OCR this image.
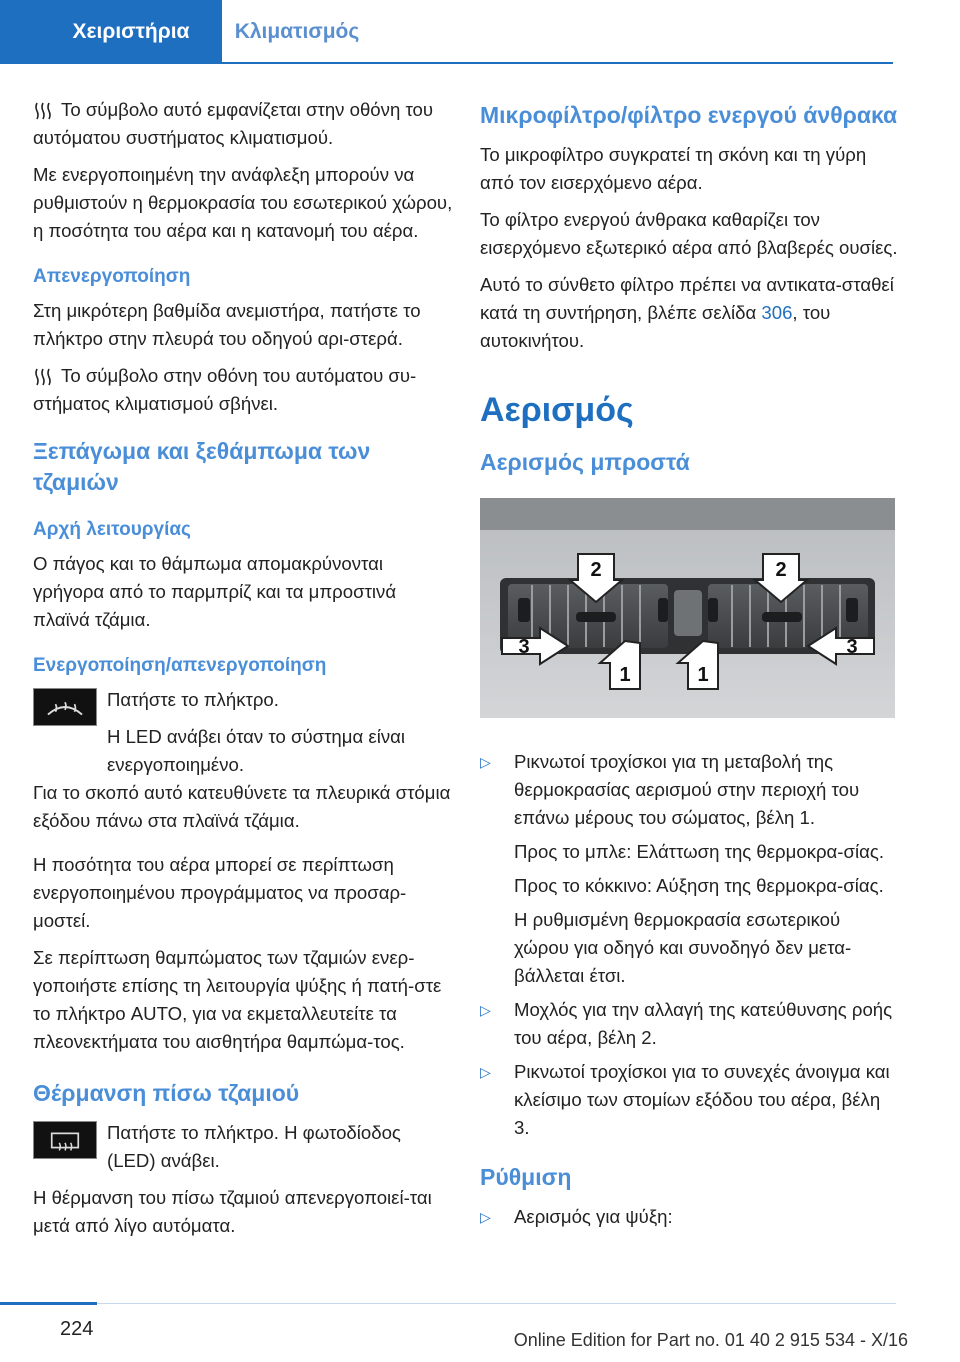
Χειριστήρια	Κλιματισμός

Το σύμβολο αυτό εμφανίζεται στην οθόνη του αυτόματου συστήματος κλιματισμού.

Με ενεργοποιημένη την ανάφλεξη μπορούν να ρυθμιστούν η θερμοκρασία του εσωτερικού χώρου, η ποσότητα του αέρα και η κατανομή του αέρα.

Απενεργοποίηση

Στη μικρότερη βαθμίδα ανεμιστήρα, πατήστε το πλήκτρο στην πλευρά του οδηγού αρι‐στερά.

Το σύμβολο στην οθόνη του αυτόματου συ‐στήματος κλιματισμού σβήνει.

Ξεπάγωμα και ξεθάμπωμα των τζαμιών
Αρχή λειτουργίας

Ο πάγος και το θάμπωμα απομακρύνονται γρήγορα από το παρμπρίζ και τα μπροστινά πλαϊνά τζάμια.

Ενεργοποίηση/απενεργοποίηση

Πατήστε το πλήκτρο.

Η LED ανάβει όταν το σύστημα είναι ενεργοποιημένο.

Για το σκοπό αυτό κατευθύνετε τα πλευρικά στόμια εξόδου πάνω στα πλαϊνά τζάμια.

Η ποσότητα του αέρα μπορεί σε περίπτωση ενεργοποιημένου προγράμματος να προσαρ‐μοστεί.

Σε περίπτωση θαμπώματος των τζαμιών ενερ‐γοποιήστε επίσης τη λειτουργία ψύξης ή πατή‐στε το πλήκτρο AUTO, για να εκμεταλλευτείτε τα πλεονεκτήματα του αισθητήρα θαμπώμα‐τος.

Θέρμανση πίσω τζαμιού

Πατήστε το πλήκτρο. Η φωτοδίοδος (LED) ανάβει.

Η θέρμανση του πίσω τζαμιού απενεργοποιεί‐ται μετά από λίγο αυτόματα.

Μικροφίλτρο/φίλτρο ενεργού άνθρακα

Το μικροφίλτρο συγκρατεί τη σκόνη και τη γύρη από τον εισερχόμενο αέρα.

Το φίλτρο ενεργού άνθρακα καθαρίζει τον εισερχόμενο εξωτερικό αέρα από βλαβερές ουσίες.

Αυτό το σύνθετο φίλτρο πρέπει να αντικατα‐σταθεί κατά τη συντήρηση, βλέπε σελίδα 306, του αυτοκινήτου.

Αερισμός
Αερισμός μπροστά
2	2
3
1	1
3
▷	Ρικνωτοί τροχίσκοι για τη μεταβολή της θερμοκρασίας αερισμού στην περιοχή του επάνω μέρους του σώματος, βέλη 1.

Προς το μπλε: Ελάττωση της θερμοκρα‐σίας.

Προς το κόκκινο: Αύξηση της θερμοκρα‐σίας.

Η ρυθμισμένη θερμοκρασία εσωτερικού χώρου για οδηγό και συνοδηγό δεν μετα‐βάλλεται έτσι.

▷	Μοχλός για την αλλαγή της κατεύθυνσης ροής του αέρα, βέλη 2.
▷	Ρικνωτοί τροχίσκοι για το συνεχές άνοιγμα και κλείσιμο των στομίων εξόδου του αέρα, βέλη 3.
Ρύθμιση
▷	Αερισμός για ψύξη:
224	Online Edition for Part no. 01 40 2 915 534 - X/16
